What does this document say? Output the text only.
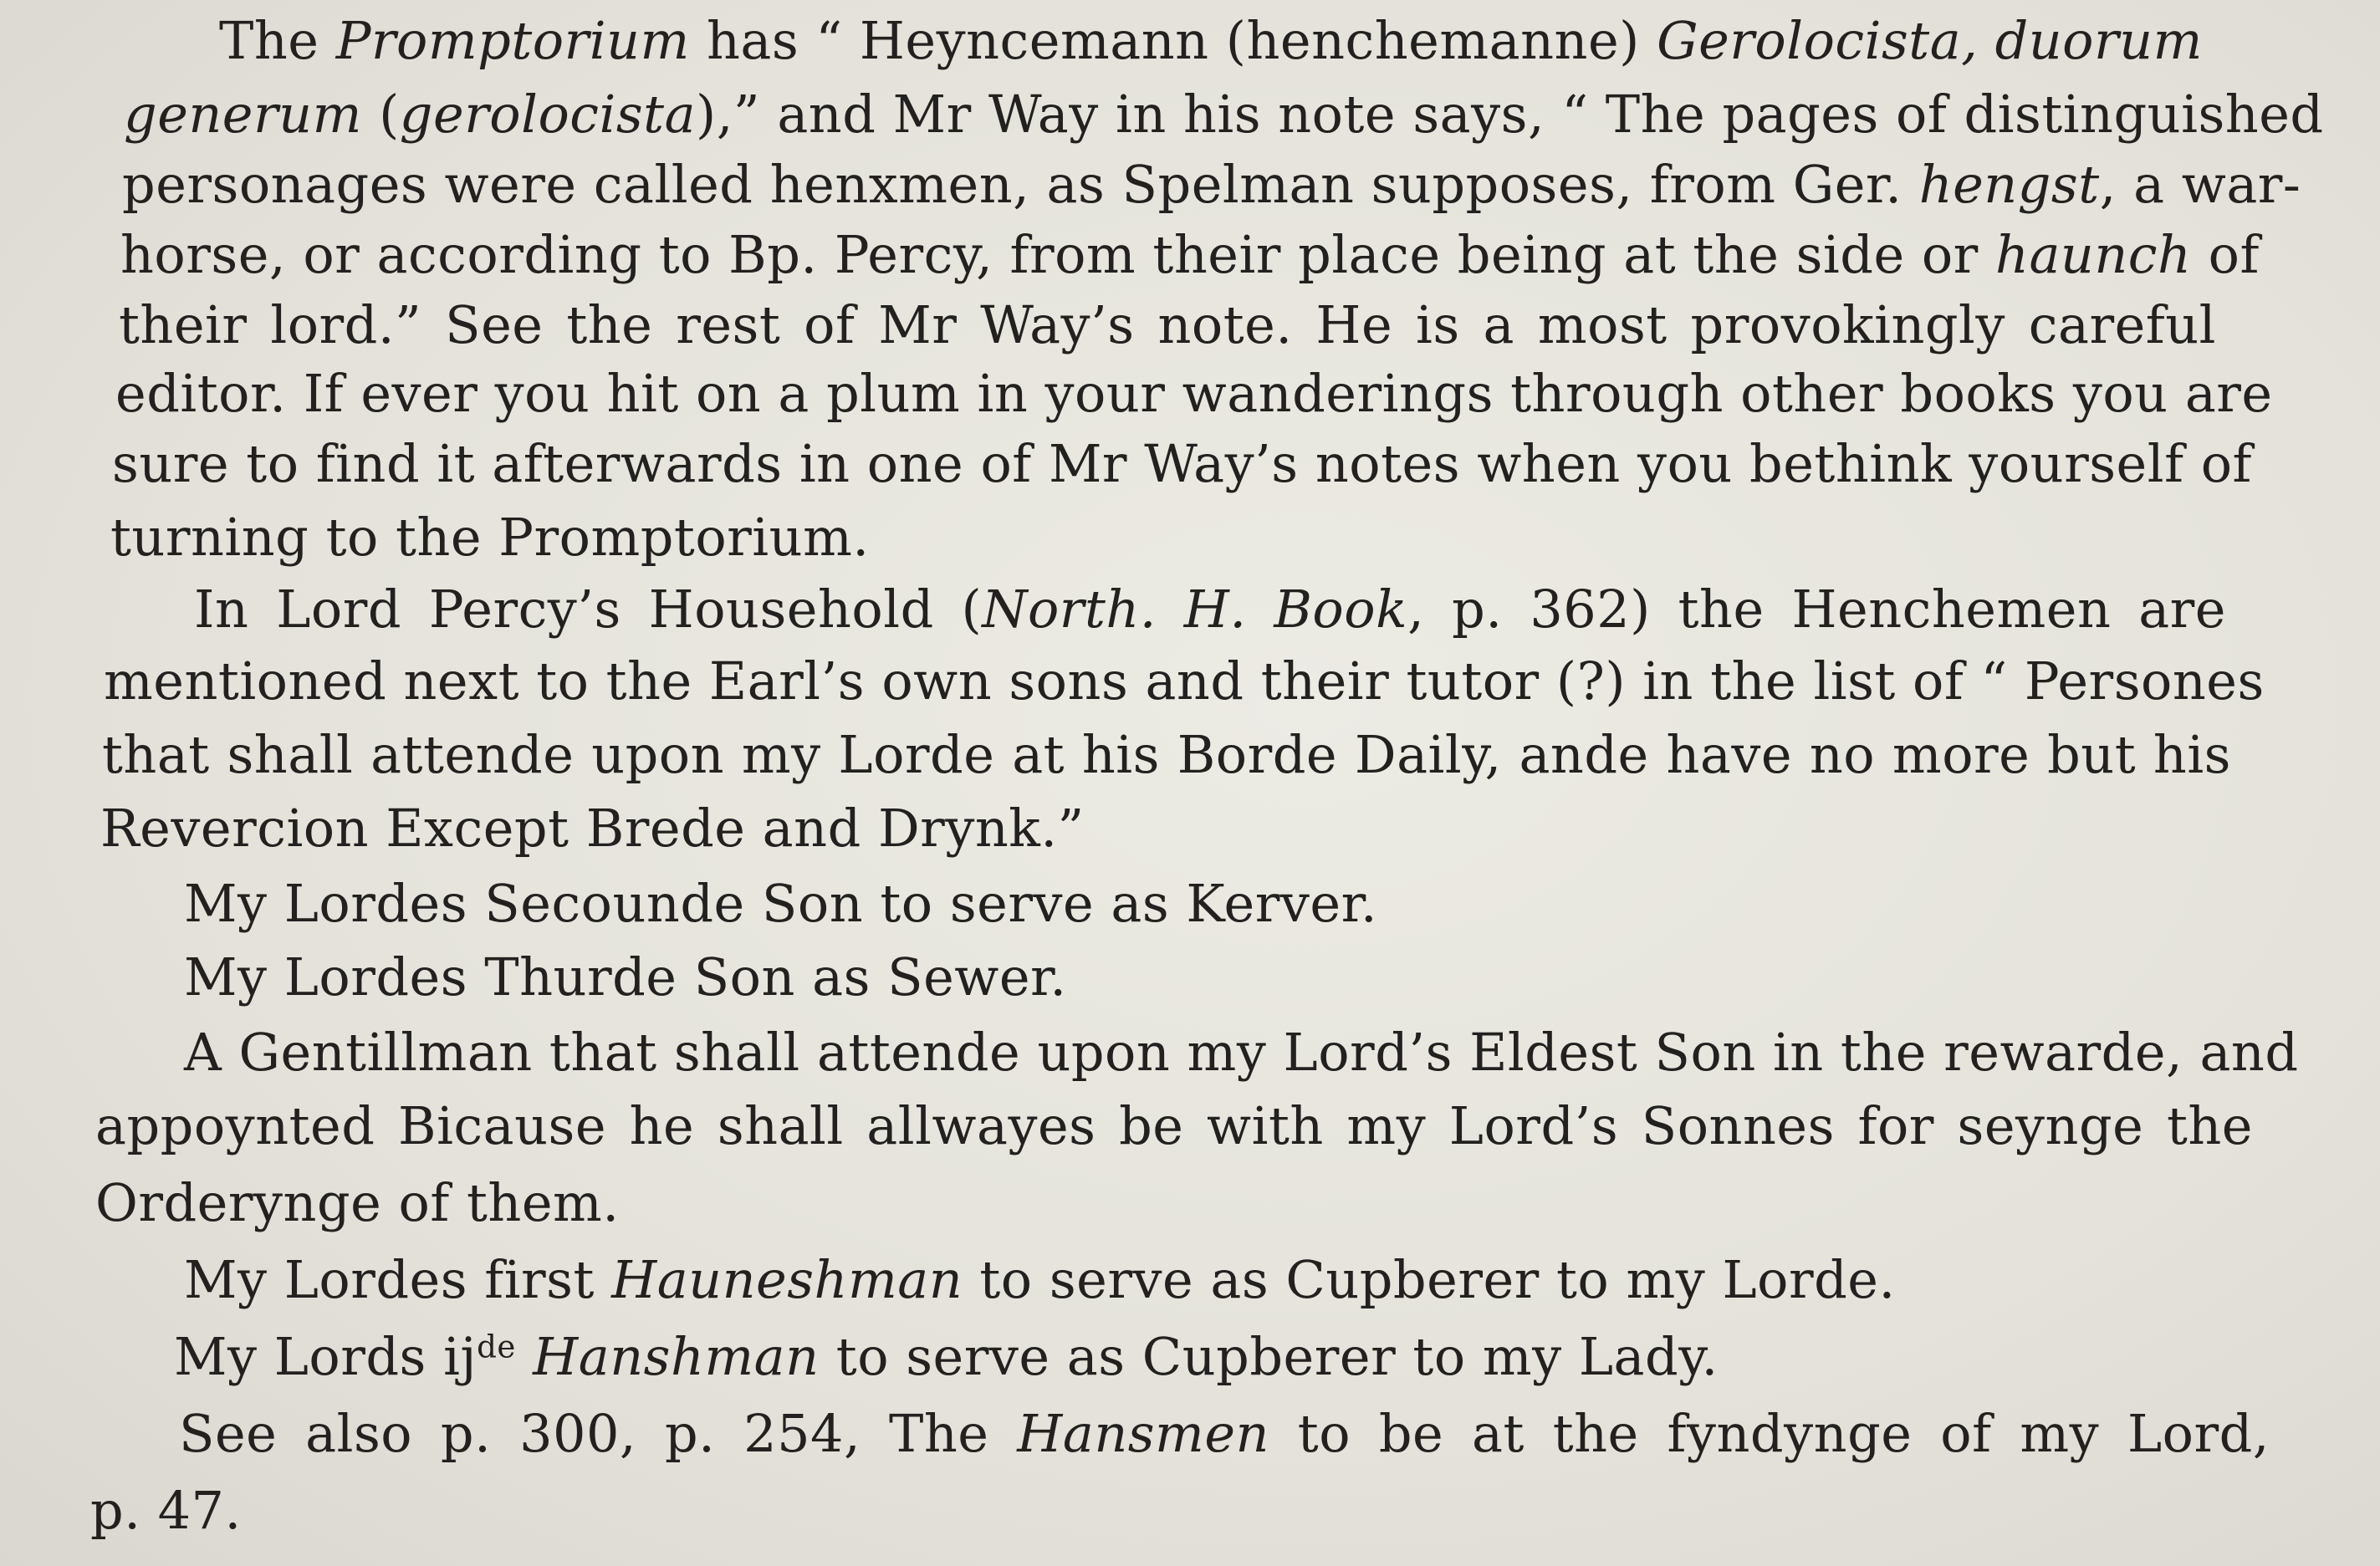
The Promptorium has “ Heyncemann (henchemanne) Gerolocista, duorum
generum (gerolocista),” and Mr Way in his note says, “ The pages of distinguished
personages were called henxmen, as Spelman supposes, from Ger. hengst, a war-
horse, or according to Bp. Percy, from their place being at the side or haunch of
their lord.” See the rest of Mr Way’s note. He is a most provokingly careful
editor. If ever you hit on a plum in your wanderings through other books you are
sure to find it afterwards in one of Mr Way’s notes when you bethink yourself of
turning to the Promptorium.
In Lord Percy’s Household (North. H. Book, p. 362) the Henchemen are
mentioned next to the Earl’s own sons and their tutor (?) in the list of “ Persones
that shall attende upon my Lorde at his Borde Daily, ande have no more but his
Revercion Except Brede and Drynk.”
My Lordes Secounde Son to serve as Kerver.
My Lordes Thurde Son as Sewer.
A Gentillman that shall attende upon my Lord’s Eldest Son in the rewarde, and
appoynted Bicause he shall allwayes be with my Lord’s Sonnes for seynge the
Orderynge of them.
My Lordes first Hauneshman to serve as Cupberer to my Lorde.
My Lords $ij^{de}$ Hanshman to serve as Cupberer to my Lady.
See also p. 300, p. 254, The Hansmen to be at the fyndynge of my Lord,
p. 47.
